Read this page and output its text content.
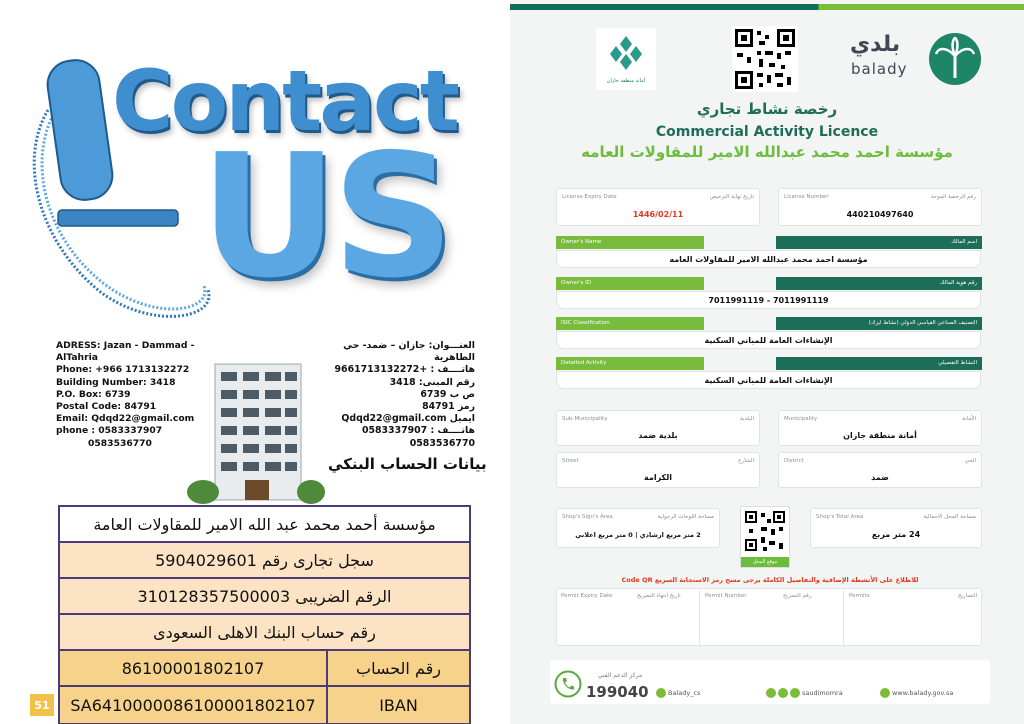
Contact
US
ADRESS: Jazan - Dammad - AlTahria
Phone: +966 1713132272
Building Number: 3418
P.O. Box: 6739
Postal Code: 84791
Email: Qdqd22@gmail.com
phone : 0583337907
0583536770
العنـــوان: جازان – ضمد- حي الطاهرية
هاتــــف : +9661713132272
رقم المبنى: 3418
ص ب 6739
رمز 84791
ايميل Qdqd22@gmail.com
هاتــــف : 0583337907
0583536770
بيانات الحساب البنكي
مؤسسة أحمد محمد عبد الله الامير للمقاولات العامة
سجل تجارى رقم 5904029601
الرقم الضريبى 310128357500003
رقم حساب البنك الاهلى السعودى
86100001802107	رقم الحساب
SA6410000086100001802107	IBAN
51
أمانة منطقة جازان
بلدي
balady
رخصة نشاط تجاري
Commercial Activity Licence
مؤسسة احمد محمد عبدالله الامير للمقاولات العامه
License Expiry Date	تاريخ نهاية الترخيص
1446/02/11
License Number	رقم الرخصة الموحد
440210497640
Owner's Name	اسم المالك
مؤسسة احمد محمد عبدالله الامير للمقاولات العامه
Owner's ID	رقم هوية المالك
7011991119 - 7011991119
ISIC Classification	التصنيف الصناعي القياسي الدولي (نشاط ايزك)
الإنشاءات العامة للمباني السكنية
Detailed Activity	النشاط التفصيلي
الإنشاءات العامة للمباني السكنية
Sub-Municipality	البلدية
بلدية ضمد
Municipality	الأمانة
أمانة منطقة جازان
Street	الشارع
الكرامة
District	الحي
ضمد
Shop's Sign's Area	مساحة اللوحات الرجولية
2 متر مربع ارشادي | 0 متر مربع اعلاني
موقع المحل
Shop's Total Area	مساحة المحل الاجمالية
24 متر مربع
للاطلاع على الأنشطة الإضافية والتفاصيل الكاملة يرجى مسح رمز الاستجابة السريع Code QR
Permit Expiry Date	تاريخ انتهاء التصريح	Permit Number	رقم التصريح	Permits	التصاريح
مركز الدعم الفني
199040	Balady_cs	saudimomra	www.balady.gov.sa
